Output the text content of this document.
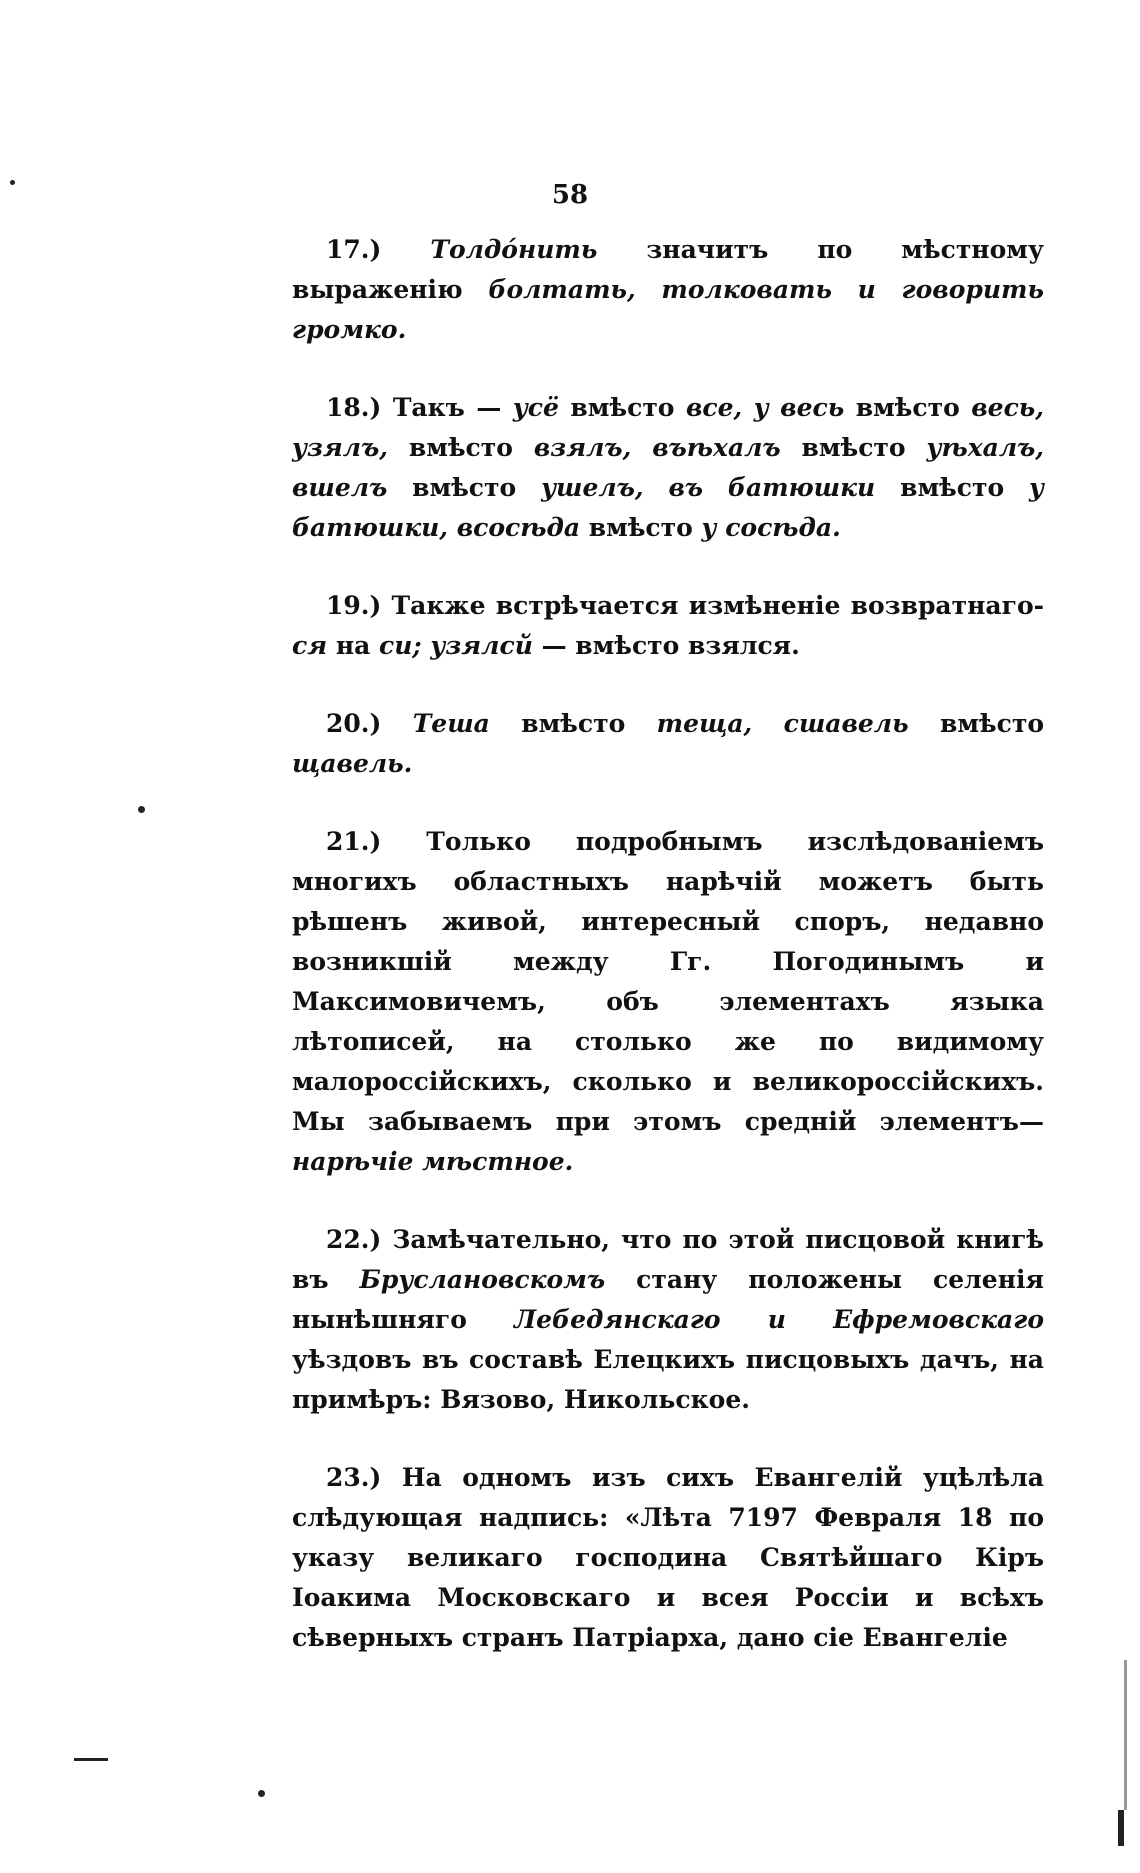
58

17.) Толдóнить значитъ по мѣстному выраженію болтать, толковать и говорить громко.

18.) Такъ — усё вмѣсто все, у весь вмѣсто весь, узялъ, вмѣсто взялъ, въѣхалъ вмѣсто уѣхалъ, вшелъ вмѣсто ушелъ, въ батюшки вмѣсто у батюшки, всосѣда вмѣсто у сосѣда.

19.) Также встрѣчается измѣненіе возвратнаго-ся на си; узялсй — вмѣсто взялся.

20.) Теша вмѣсто теща, сшавель вмѣсто щавель.

21.) Только подробнымъ изслѣдованіемъ многихъ областныхъ нарѣчій можетъ быть рѣшенъ живой, интересный споръ, недавно возникшій между Гг. Погодинымъ и Максимовичемъ, объ элементахъ языка лѣтописей, на столько же по видимому малороссійскихъ, сколько и великороссійскихъ. Мы забываемъ при этомъ средній элементъ—нарѣчіе мѣстное.

22.) Замѣчательно, что по этой писцовой книгѣ въ Брусланoвскомъ стану положены селенія нынѣшняго Лебедянскаго и Ефремовскаго уѣздовъ въ составѣ Елецкихъ писцовыхъ дачъ, на примѣръ: Вязово, Никольское.

23.) На одномъ изъ сихъ Евангелій уцѣлѣла слѣдующая надпись: «Лѣта 7197 Февраля 18 по указу великаго господина Святѣйшаго Кіръ Іоакима Московскаго и всея Россіи и всѣхъ сѣверныхъ странъ Патріарха, дано сіе Евангеліе
